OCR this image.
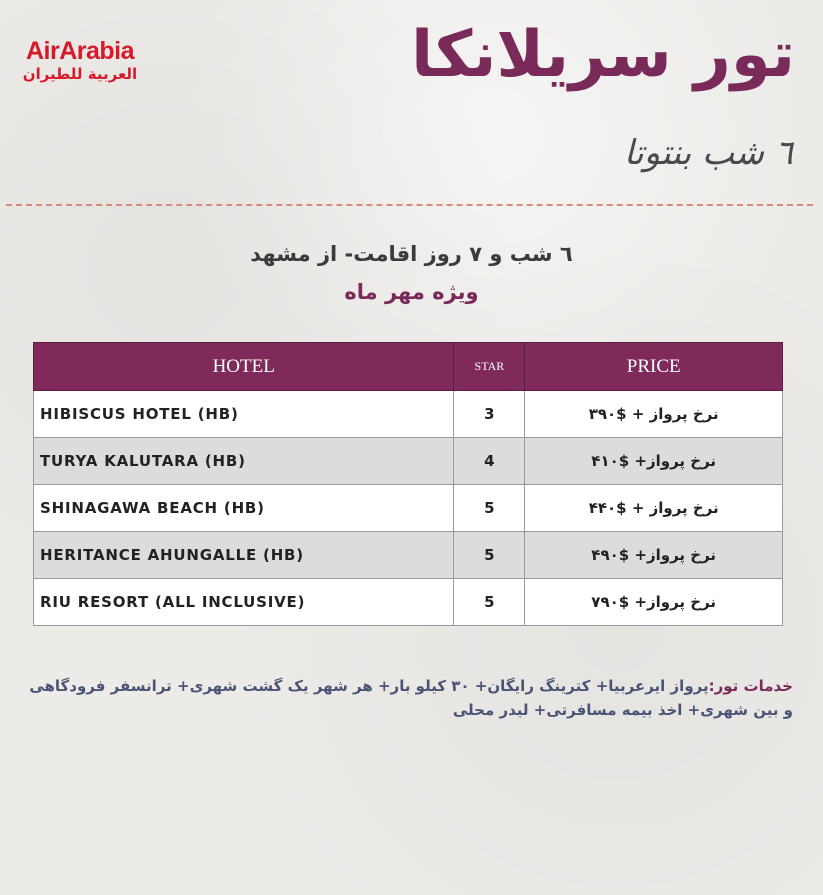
AirArabia
العربية للطيران	تور سریلانکا
٦ شب بنتوتا
٦ شب و ٧ روز اقامت- از مشهد
ویژه مهر ماه
HOTEL	STAR	PRICE
HIBISCUS HOTEL (HB)	3	نرخ پرواز + $۳۹۰
TURYA KALUTARA (HB)	4	نرخ پرواز+ $۴۱۰
SHINAGAWA BEACH (HB)	5	نرخ پرواز + $۴۴۰
HERITANCE AHUNGALLE (HB)	5	نرخ پرواز+ $۴۹۰
RIU RESORT (ALL INCLUSIVE)	5	نرخ پرواز+ $۷۹۰
خدمات تور:پرواز ایرعربیا+ کترینگ رایگان+ ۳۰ کیلو بار+ هر شهر یک گشت شهری+ ترانسفر فرودگاهی و بین شهری+ اخذ بیمه مسافرتی+ لیدر محلی
